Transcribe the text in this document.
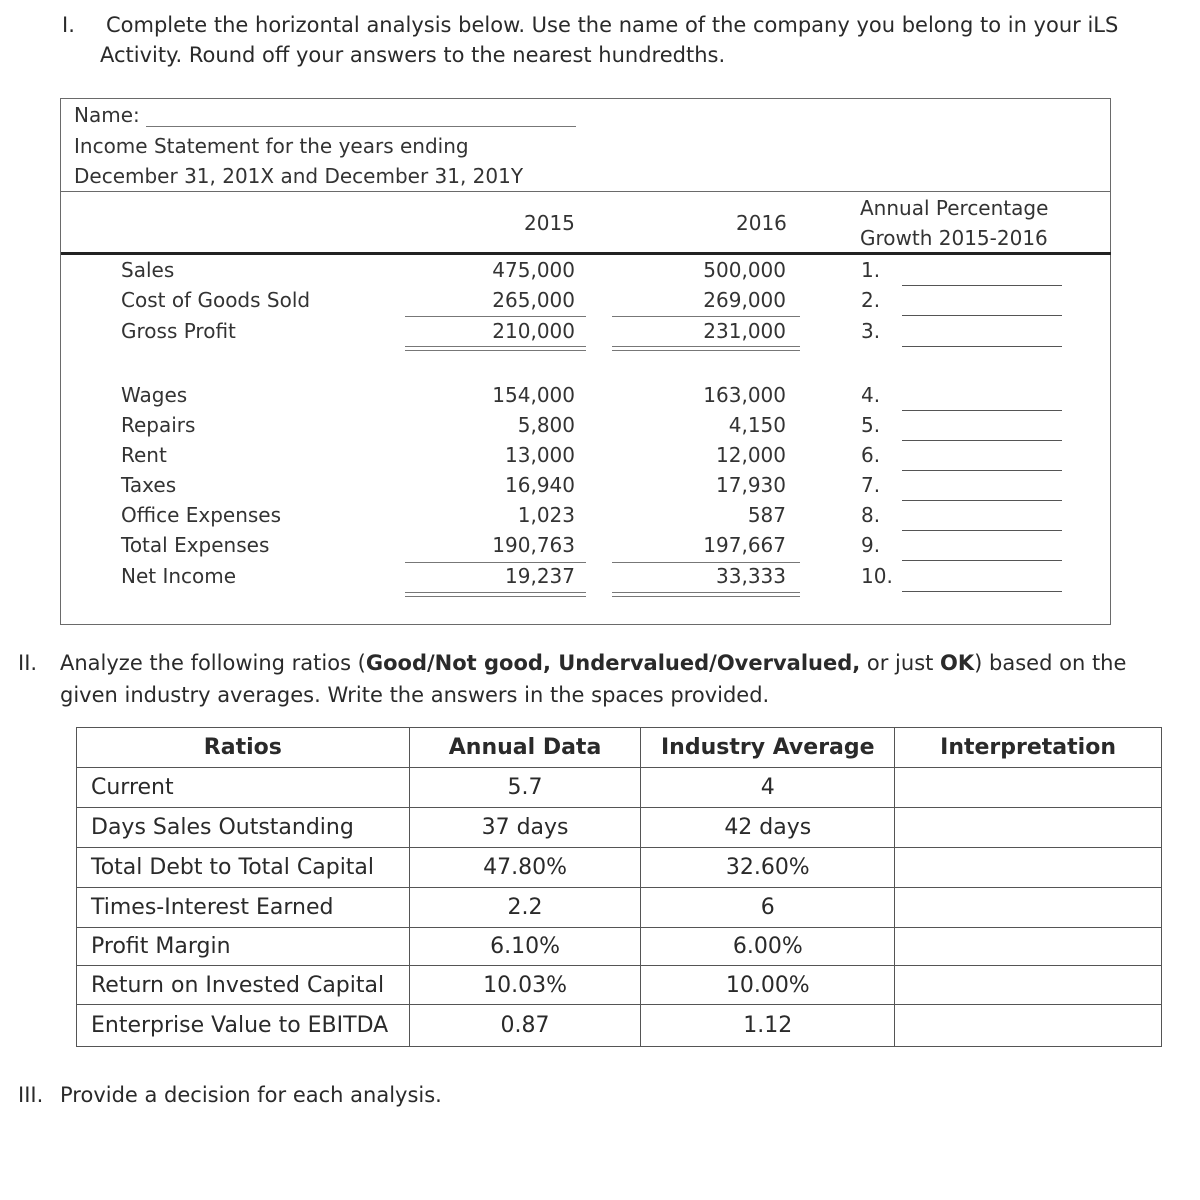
I. Complete the horizontal analysis below. Use the name of the company you belong to in your iLS
Activity. Round off your answers to the nearest hundredths.
Name:
Income Statement for the years ending
December 31, 201X and December 31, 201Y
2015	2016
Annual Percentage
Growth 2015-2016
Sales	475,000	500,000	1.
Cost of Goods Sold	265,000	269,000	2.
Gross Profit	210,000	231,000	3.
Wages	154,000	163,000	4.
Repairs	5,800	4,150	5.
Rent	13,000	12,000	6.
Taxes	16,940	17,930	7.
Office Expenses	1,023	587	8.
Total Expenses	190,763	197,667	9.
Net Income	19,237	33,333	10.
II. Analyze the following ratios (Good/Not good, Undervalued/Overvalued, or just OK) based on the
given industry averages. Write the answers in the spaces provided.
Ratios	Annual Data	Industry Average	Interpretation
Current	5.7	4	
Days Sales Outstanding	37 days	42 days	
Total Debt to Total Capital	47.80%	32.60%	
Times-Interest Earned	2.2	6	
Profit Margin	6.10%	6.00%	
Return on Invested Capital	10.03%	10.00%	
Enterprise Value to EBITDA	0.87	1.12	
III. Provide a decision for each analysis.
